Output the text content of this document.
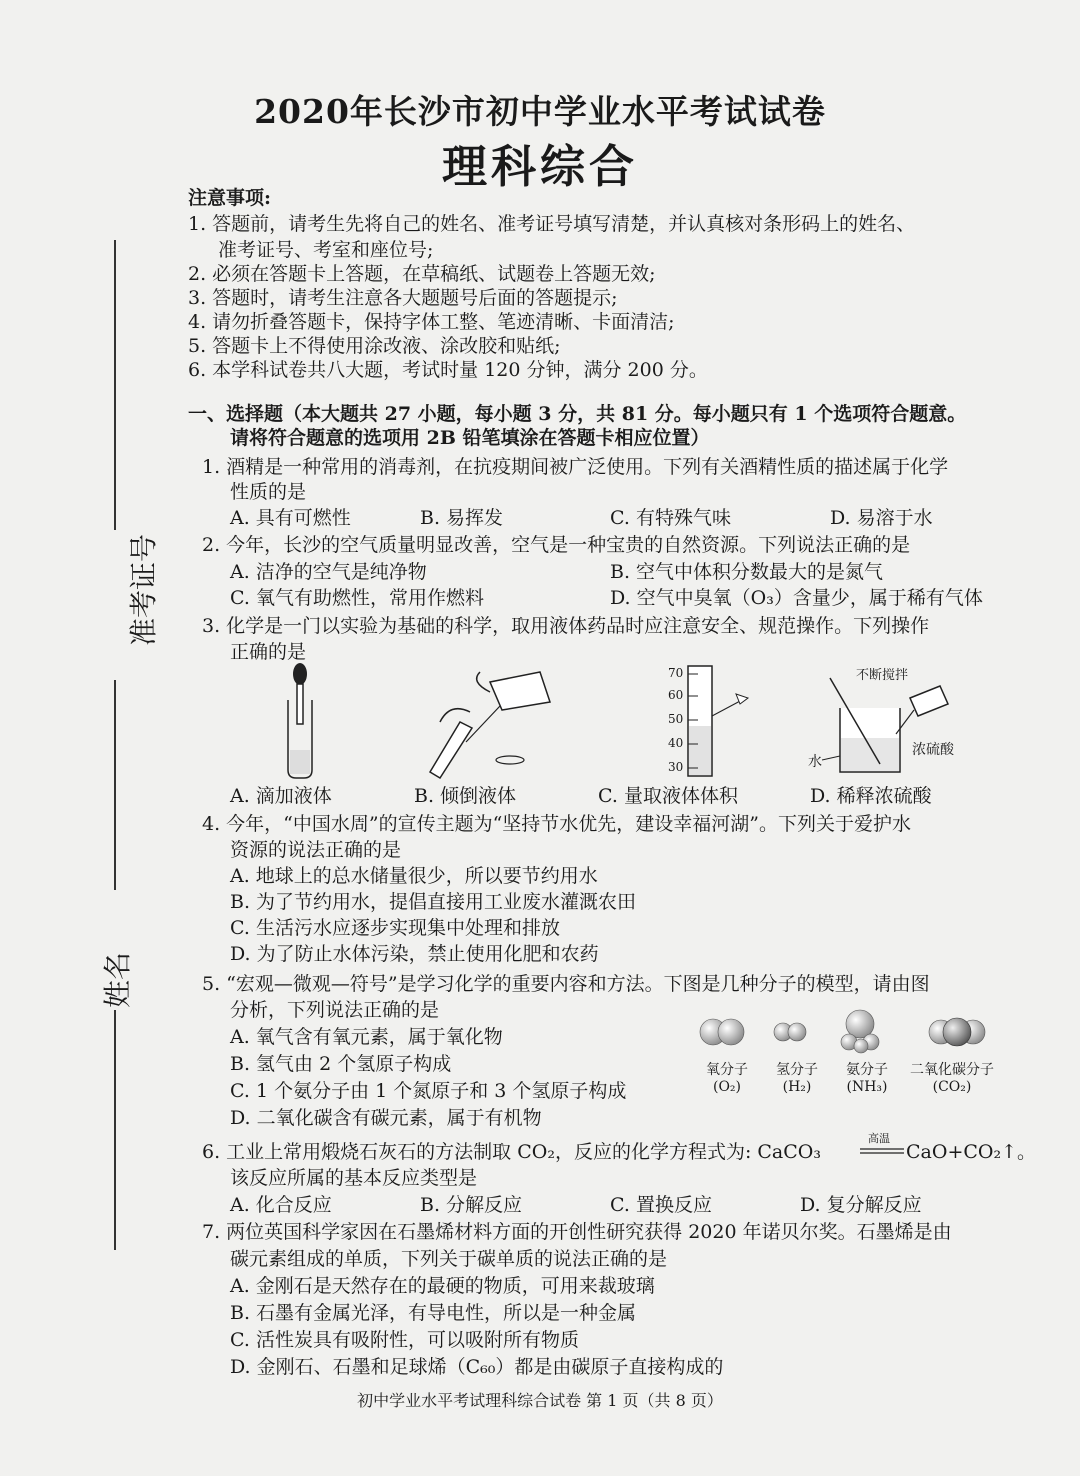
2020年长沙市初中学业水平考试试卷
理科综合
准考证号
姓名
注意事项:
1. 答题前，请考生先将自己的姓名、准考证号填写清楚，并认真核对条形码上的姓名、
准考证号、考室和座位号;
2. 必须在答题卡上答题，在草稿纸、试题卷上答题无效;
3. 答题时，请考生注意各大题题号后面的答题提示;
4. 请勿折叠答题卡，保持字体工整、笔迹清晰、卡面清洁;
5. 答题卡上不得使用涂改液、涂改胶和贴纸;
6. 本学科试卷共八大题，考试时量 120 分钟，满分 200 分。
一、选择题（本大题共 27 小题，每小题 3 分，共 81 分。每小题只有 1 个选项符合题意。
请将符合题意的选项用 2B 铅笔填涂在答题卡相应位置）
1. 酒精是一种常用的消毒剂，在抗疫期间被广泛使用。下列有关酒精性质的描述属于化学
性质的是
A. 具有可燃性	B. 易挥发	C. 有特殊气味	D. 易溶于水
2. 今年，长沙的空气质量明显改善，空气是一种宝贵的自然资源。下列说法正确的是
A. 洁净的空气是纯净物	B. 空气中体积分数最大的是氮气
C. 氧气有助燃性，常用作燃料	D. 空气中臭氧（O₃）含量少，属于稀有气体
3. 化学是一门以实验为基础的科学，取用液体药品时应注意安全、规范操作。下列操作
正确的是
70
60
50
40
30
不断搅拌
浓硫酸
水
A. 滴加液体	B. 倾倒液体	C. 量取液体体积	D. 稀释浓硫酸
4. 今年，“中国水周”的宣传主题为“坚持节水优先，建设幸福河湖”。下列关于爱护水
资源的说法正确的是
A. 地球上的总水储量很少，所以要节约用水
B. 为了节约用水，提倡直接用工业废水灌溉农田
C. 生活污水应逐步实现集中处理和排放
D. 为了防止水体污染，禁止使用化肥和农药
5. “宏观—微观—符号”是学习化学的重要内容和方法。下图是几种分子的模型，请由图
分析，下列说法正确的是
A. 氧气含有氧元素，属于氧化物
B. 氢气由 2 个氢原子构成
C. 1 个氨分子由 1 个氮原子和 3 个氢原子构成
D. 二氧化碳含有碳元素，属于有机物
氧分子
(O₂)
氢分子
(H₂)
氨分子
(NH₃)
二氧化碳分子
(CO₂)
6. 工业上常用煅烧石灰石的方法制取 CO₂，反应的化学方程式为: CaCO₃
高温
CaO+CO₂↑。
该反应所属的基本反应类型是
A. 化合反应	B. 分解反应	C. 置换反应	D. 复分解反应
7. 两位英国科学家因在石墨烯材料方面的开创性研究获得 2020 年诺贝尔奖。石墨烯是由
碳元素组成的单质，下列关于碳单质的说法正确的是
A. 金刚石是天然存在的最硬的物质，可用来裁玻璃
B. 石墨有金属光泽，有导电性，所以是一种金属
C. 活性炭具有吸附性，可以吸附所有物质
D. 金刚石、石墨和足球烯（C₆₀）都是由碳原子直接构成的
初中学业水平考试理科综合试卷 第 1 页（共 8 页）
